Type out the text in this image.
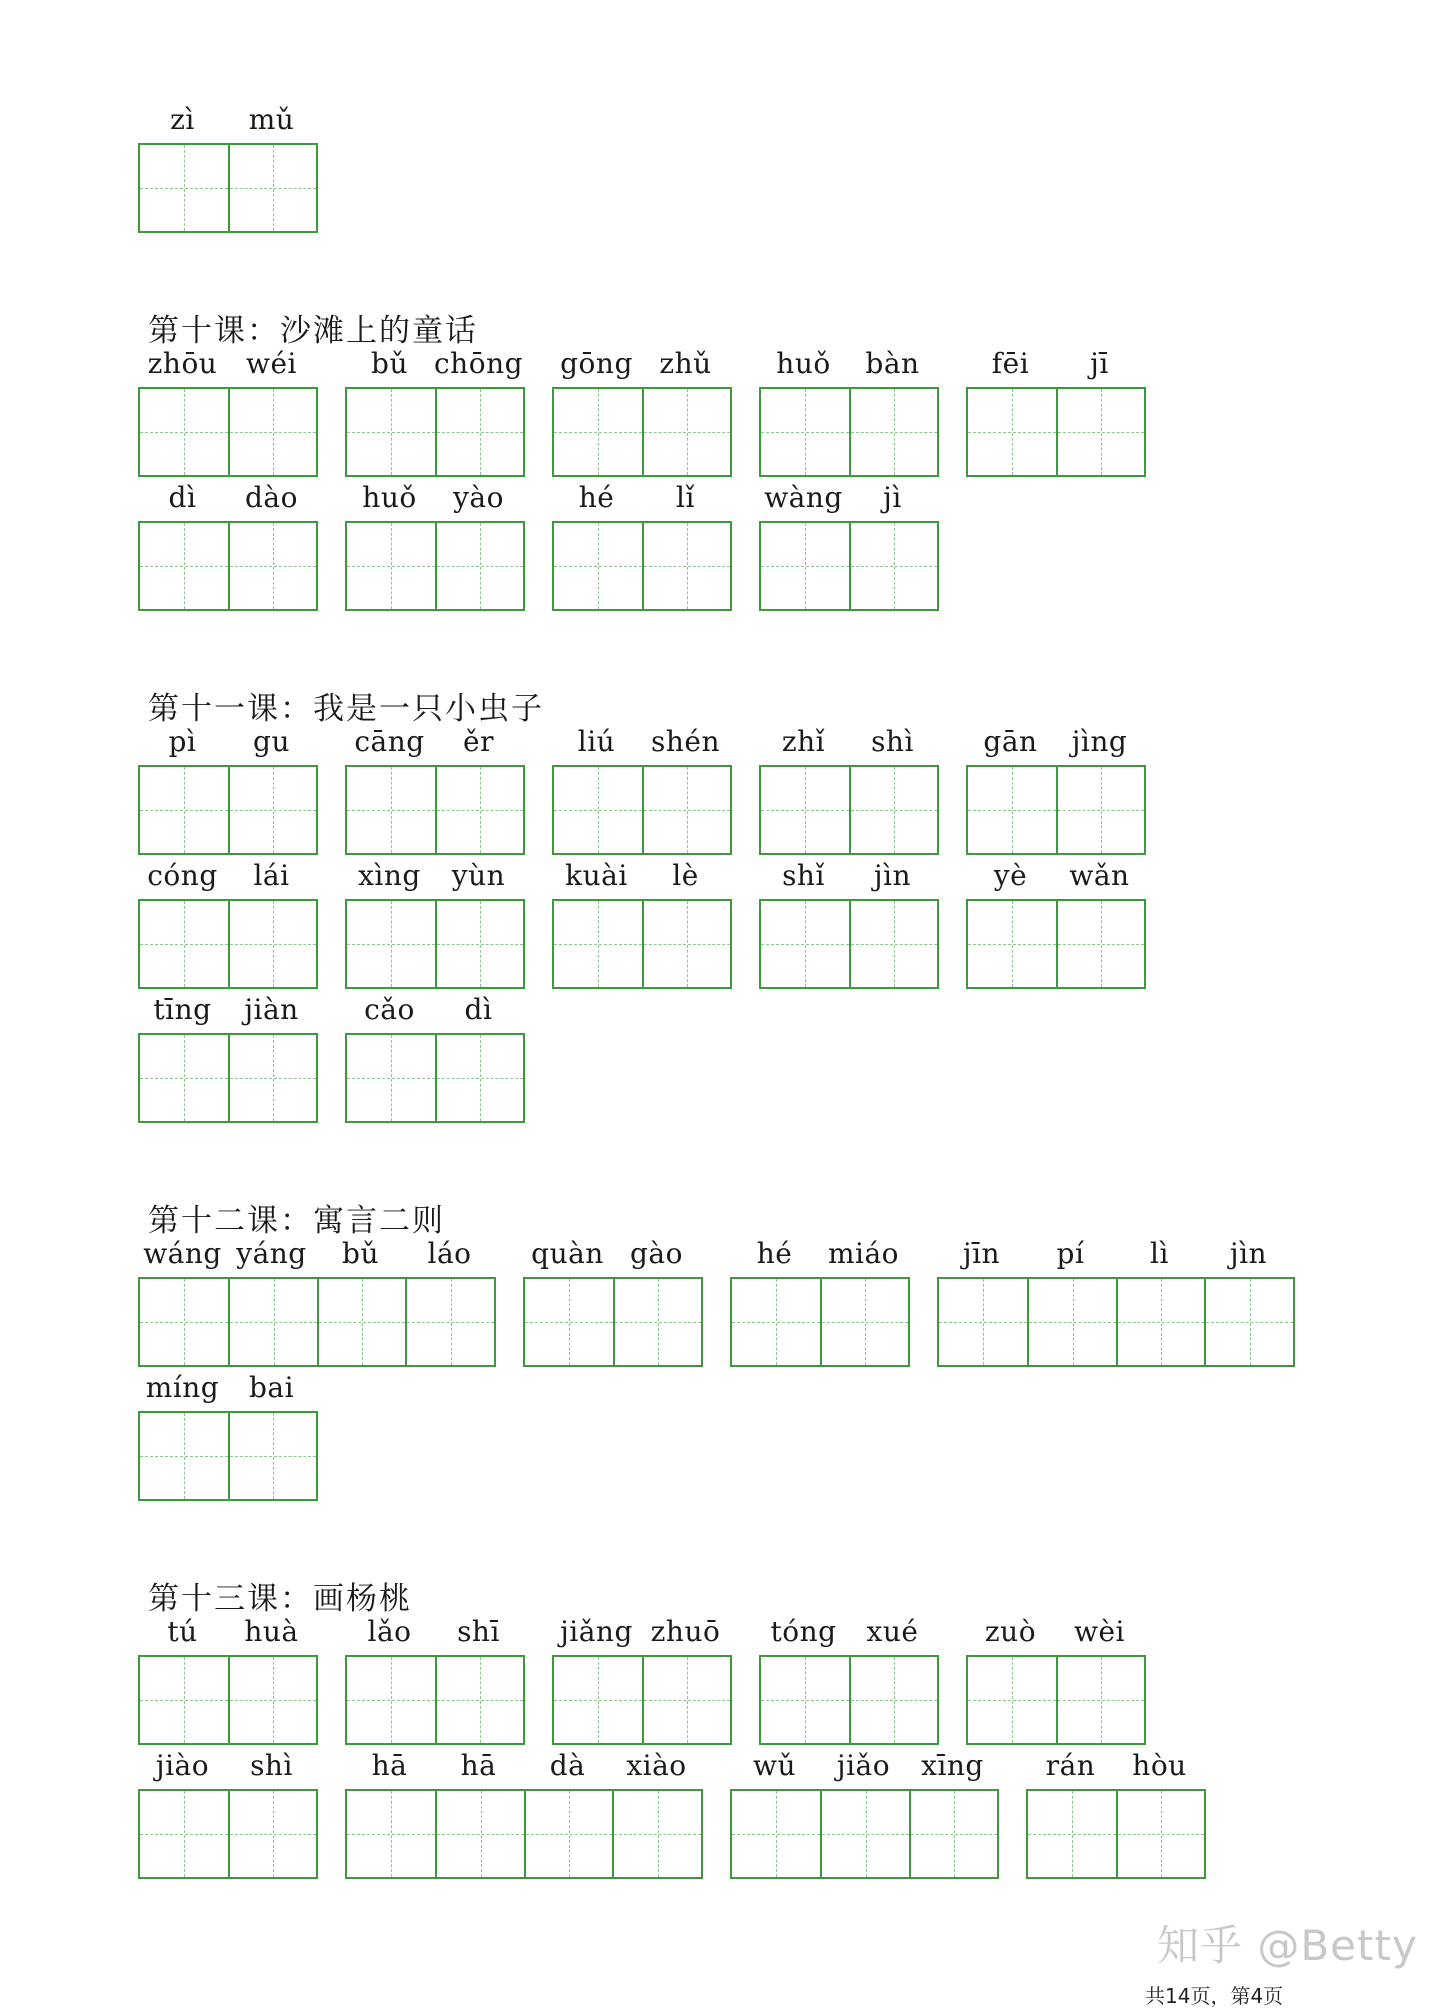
zì	mǔ
第十课：沙滩上的童话
zhōu	wéi	bǔ chōng gōng zhǔ	huǒ	bàn	fēi	jī
dì	dào	huǒ	yào	hé	lǐ	wàng	jì
第十一课：我是一只小虫子
pì	gu	cāng	ěr	liú	shén	zhǐ	shì	gān	jìng
cóng	lái	xìng	yùn	kuài	lè	shǐ	jìn	yè	wǎn
tīng	jiàn	cǎo	dì
第十二课：寓言二则
wáng yáng	bǔ	láo	quàn gào	hé	miáo	jīn	pí	lì	jìn
míng	bai
第十三课：画杨桃
tú	huà	lǎo	shī	jiǎng zhuō	tóng	xué	zuò	wèi
jiào	shì	hā	hā	dà	xiào	wǔ	jiǎo	xīng	rán	hòu
知乎 @Betty
共14页，第4页
